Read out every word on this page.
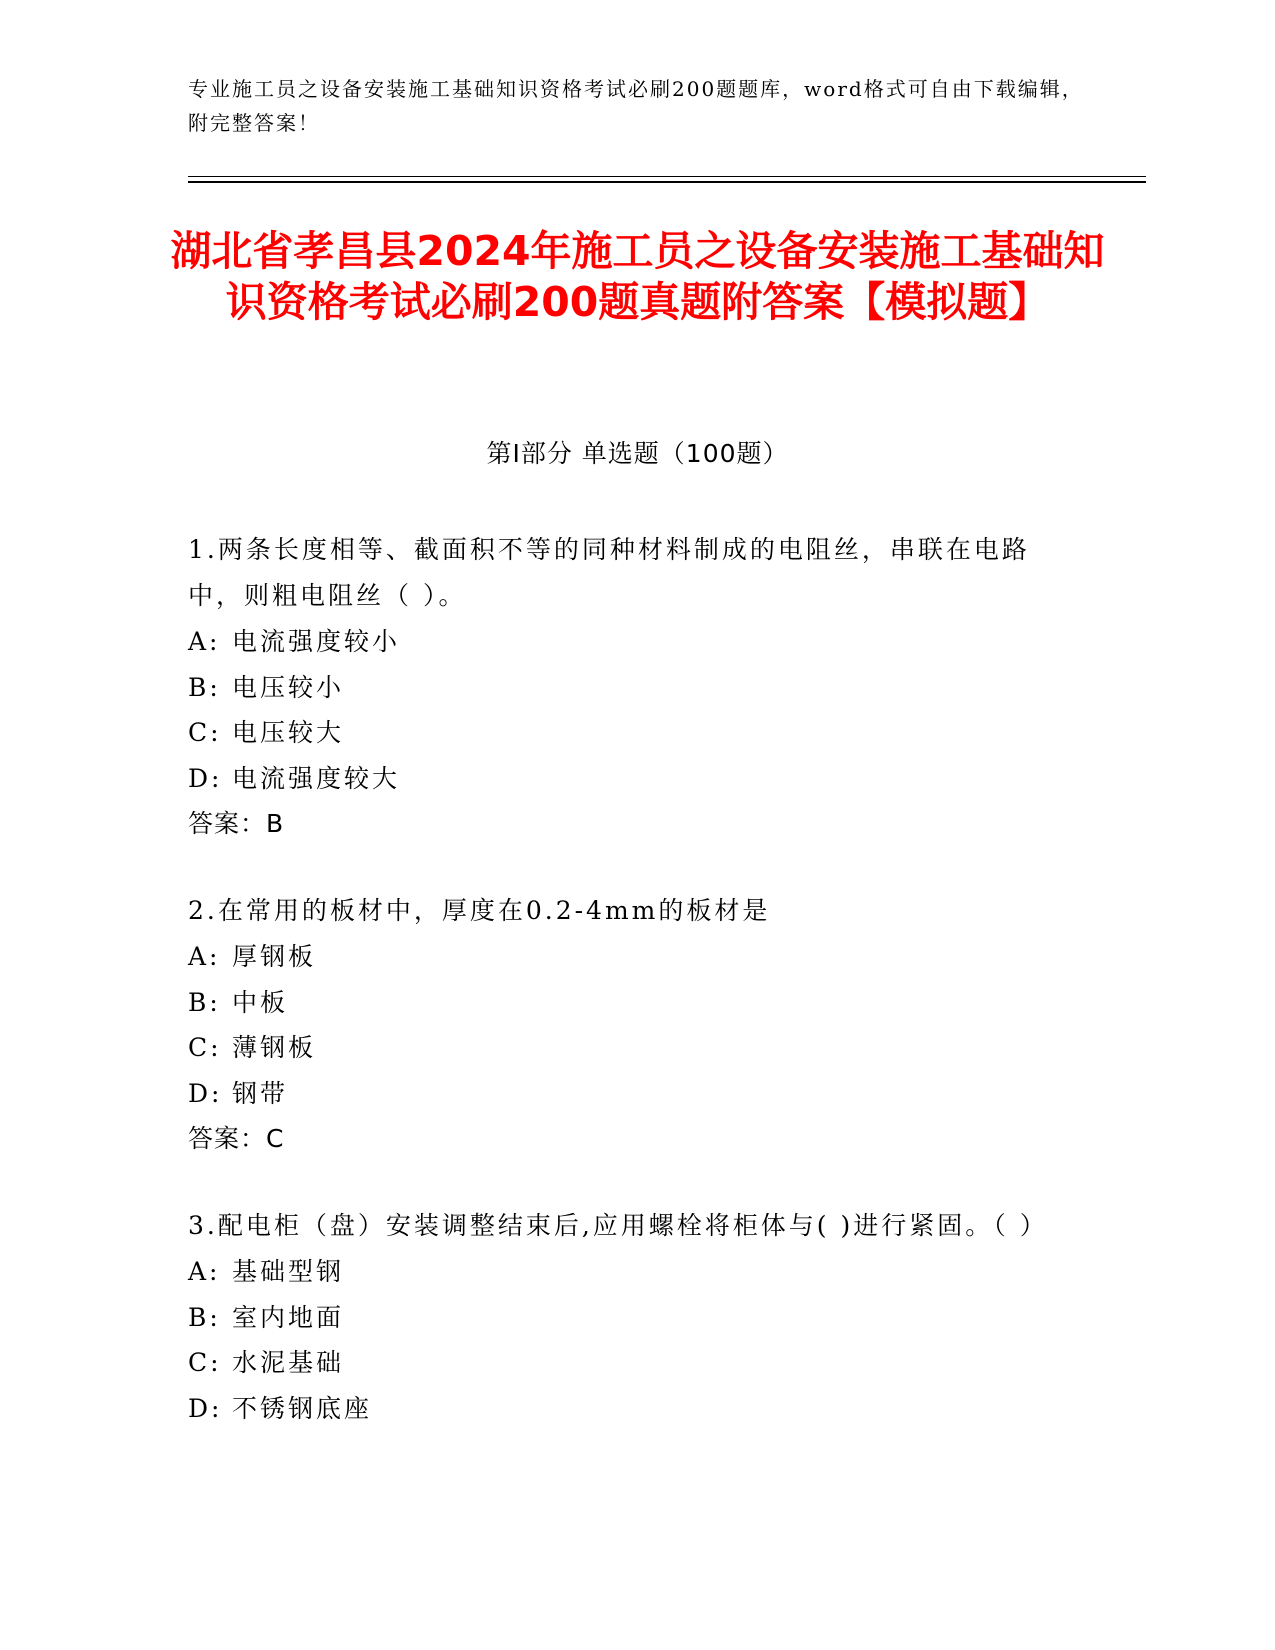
专业施工员之设备安装施工基础知识资格考试必刷200题题库，word格式可自由下载编辑，附完整答案！
湖北省孝昌县2024年施工员之设备安装施工基础知识资格考试必刷200题真题附答案【模拟题】
第I部分 单选题（100题）
1.两条长度相等、截面积不等的同种材料制成的电阻丝，串联在电路中，则粗电阻丝（ ）。
A: 电流强度较小
B: 电压较小
C: 电压较大
D: 电流强度较大
答案：B
2.在常用的板材中，厚度在0.2-4mm的板材是
A: 厚钢板
B: 中板
C: 薄钢板
D: 钢带
答案：C
3.配电柜（盘）安装调整结束后,应用螺栓将柜体与( )进行紧固。（ ）
A: 基础型钢
B: 室内地面
C: 水泥基础
D: 不锈钢底座
